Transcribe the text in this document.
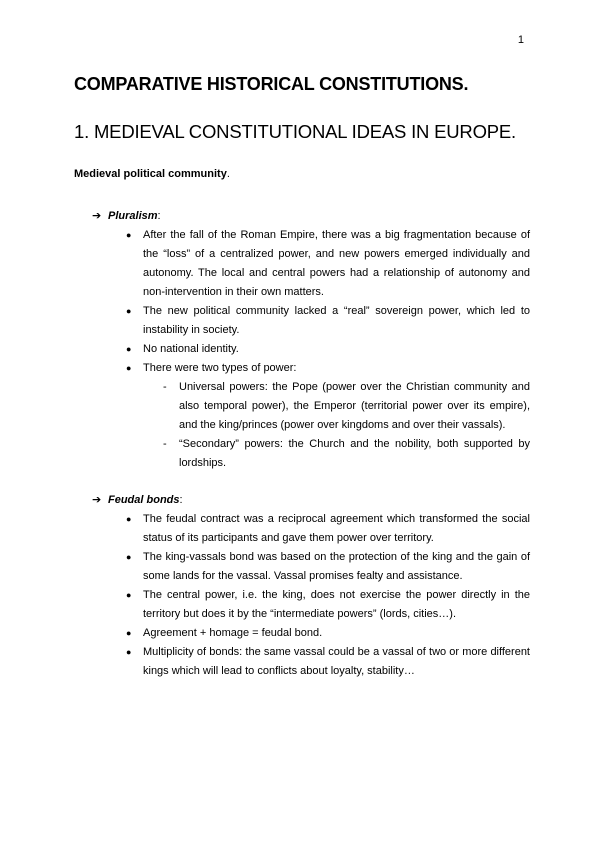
1
COMPARATIVE HISTORICAL CONSTITUTIONS.
1. MEDIEVAL CONSTITUTIONAL IDEAS IN EUROPE.

Medieval political community.

➔ Pluralism:
● After the fall of the Roman Empire, there was a big fragmentation because of the “loss” of a centralized power, and new powers emerged individually and autonomy. The local and central powers had a relationship of autonomy and non-intervention in their own matters.
● The new political community lacked a “real” sovereign power, which led to instability in society.
● No national identity.
● There were two types of power:
- Universal powers: the Pope (power over the Christian community and also temporal power), the Emperor (territorial power over its empire), and the king/princes (power over kingdoms and over their vassals).
- “Secondary” powers: the Church and the nobility, both supported by lordships.
➔ Feudal bonds:
● The feudal contract was a reciprocal agreement which transformed the social status of its participants and gave them power over territory.
● The king-vassals bond was based on the protection of the king and the gain of some lands for the vassal. Vassal promises fealty and assistance.
● The central power, i.e. the king, does not exercise the power directly in the territory but does it by the “intermediate powers” (lords, cities…).
● Agreement + homage = feudal bond.
● Multiplicity of bonds: the same vassal could be a vassal of two or more different kings which will lead to conflicts about loyalty, stability…
